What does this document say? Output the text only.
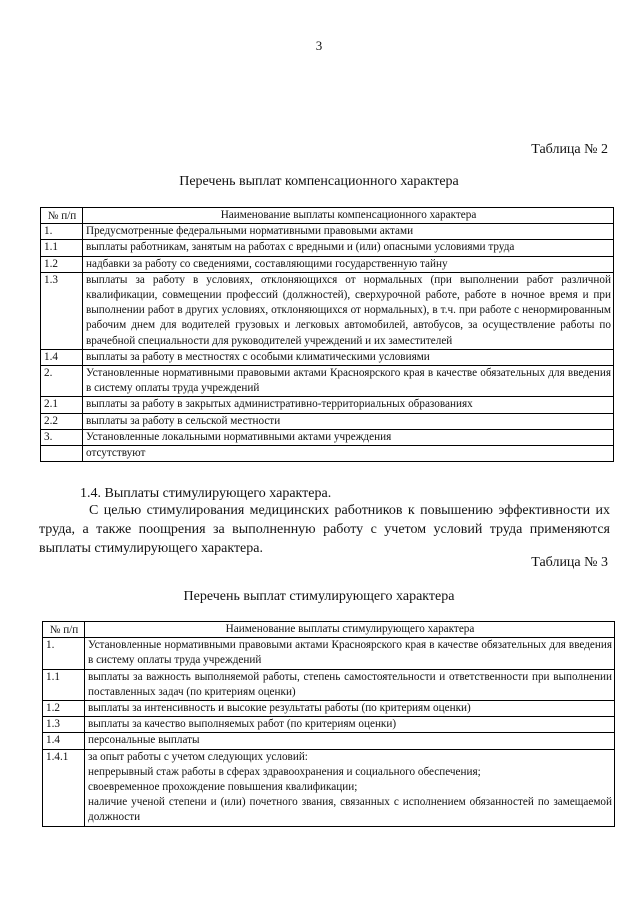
3
Таблица № 2
Перечень выплат компенсационного характера
№ п/п	Наименование выплаты компенсационного характера
1.	Предусмотренные федеральными нормативными правовыми актами
1.1	выплаты работникам, занятым на работах с вредными и (или) опасными условиями труда
1.2	надбавки за работу со сведениями, составляющими государственную тайну
1.3	выплаты за работу в условиях, отклоняющихся от нормальных (при выполнении работ различной квалификации, совмещении профессий (должностей), сверхурочной работе, работе в ночное время и при выполнении работ в других условиях, отклоняющихся от нормальных), в т.ч. при работе с ненормированным рабочим днем для водителей грузовых и легковых автомобилей, автобусов, за осуществление работы по врачебной специальности для руководителей учреждений и их заместителей
1.4	выплаты за работу в местностях с особыми климатическими условиями
2.	Установленные нормативными правовыми актами Красноярского края в качестве обязательных для введения в систему оплаты труда учреждений
2.1	выплаты за работу в закрытых административно-территориальных образованиях
2.2	выплаты за работу в сельской местности
3.	Установленные локальными нормативными актами учреждения
	отсутствуют
1.4. Выплаты стимулирующего характера.

С целью стимулирования медицинских работников к повышению эффективности их труда, а также поощрения за выполненную работу с учетом условий труда применяются выплаты стимулирующего характера.

Таблица № 3
Перечень выплат стимулирующего характера
№ п/п	Наименование выплаты стимулирующего характера
1.	Установленные нормативными правовыми актами Красноярского края в качестве обязательных для введения в систему оплаты труда учреждений
1.1	выплаты за важность выполняемой работы, степень самостоятельности и ответственности при выполнении поставленных задач (по критериям оценки)
1.2	выплаты за интенсивность и высокие результаты работы (по критериям оценки)
1.3	выплаты за качество выполняемых работ (по критериям оценки)
1.4	персональные выплаты
1.4.1	за опыт работы с учетом следующих условий:
непрерывный стаж работы в сферах здравоохранения и социального обеспечения;
своевременное прохождение повышения квалификации;
наличие ученой степени и (или) почетного звания, связанных с исполнением обязанностей по замещаемой должности
